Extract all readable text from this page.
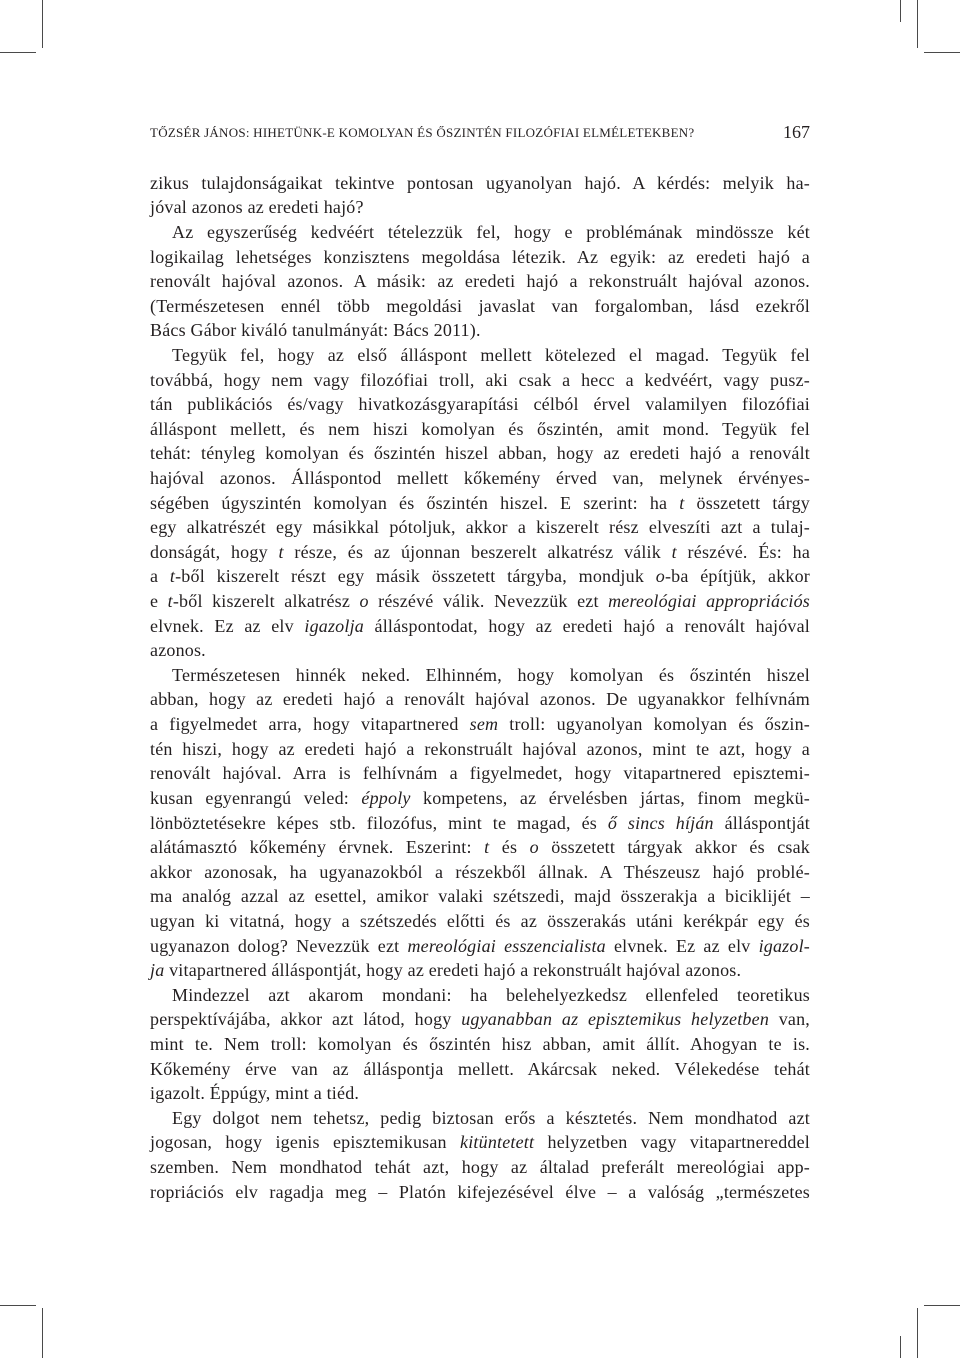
TŐZSÉR JÁNOS: HIHETÜNK-E KOMOLYAN ÉS ŐSZINTÉN FILOZÓFIAI ELMÉLETEKBEN?	167
zikus tulajdonságaikat tekintve pontosan ugyanolyan hajó. A kérdés: melyik ha-
jóval azonos az eredeti hajó?
Az egyszerűség kedvéért tételezzük fel, hogy e problémának mindössze két
logikailag lehetséges konzisztens megoldása létezik. Az egyik: az eredeti hajó a
renovált hajóval azonos. A másik: az eredeti hajó a rekonstruált hajóval azonos.
(Természetesen ennél több megoldási javaslat van forgalomban, lásd ezekről
Bács Gábor kiváló tanulmányát: Bács 2011).
Tegyük fel, hogy az első álláspont mellett kötelezed el magad. Tegyük fel
továbbá, hogy nem vagy filozófiai troll, aki csak a hecc a kedvéért, vagy pusz-
tán publikációs és/vagy hivatkozásgyarapítási célból érvel valamilyen filozófiai
álláspont mellett, és nem hiszi komolyan és őszintén, amit mond. Tegyük fel
tehát: tényleg komolyan és őszintén hiszel abban, hogy az eredeti hajó a renovált
hajóval azonos. Álláspontod mellett kőkemény érved van, melynek érvényes-
ségében úgyszintén komolyan és őszintén hiszel. E szerint: ha t összetett tárgy
egy alkatrészét egy másikkal pótoljuk, akkor a kiszerelt rész elveszíti azt a tulaj-
donságát, hogy t része, és az újonnan beszerelt alkatrész válik t részévé. És: ha
a t-ből kiszerelt részt egy másik összetett tárgyba, mondjuk o-ba építjük, akkor
e t-ből kiszerelt alkatrész o részévé válik. Nevezzük ezt mereológiai appropriációs
elvnek. Ez az elv igazolja álláspontodat, hogy az eredeti hajó a renovált hajóval
azonos.
Természetesen hinnék neked. Elhinném, hogy komolyan és őszintén hiszel
abban, hogy az eredeti hajó a renovált hajóval azonos. De ugyanakkor felhívnám
a figyelmedet arra, hogy vitapartnered sem troll: ugyanolyan komolyan és őszin-
tén hiszi, hogy az eredeti hajó a rekonstruált hajóval azonos, mint te azt, hogy a
renovált hajóval. Arra is felhívnám a figyelmedet, hogy vitapartnered episztemi-
kusan egyenrangú veled: éppoly kompetens, az érvelésben jártas, finom megkü-
lönböztetésekre képes stb. filozófus, mint te magad, és ő sincs híján álláspontját
alátámasztó kőkemény érvnek. Eszerint: t és o összetett tárgyak akkor és csak
akkor azonosak, ha ugyanazokból a részekből állnak. A Thészeusz hajó problé-
ma analóg azzal az esettel, amikor valaki szétszedi, majd összerakja a biciklijét –
ugyan ki vitatná, hogy a szétszedés előtti és az összerakás utáni kerékpár egy és
ugyanazon dolog? Nevezzük ezt mereológiai esszencialista elvnek. Ez az elv igazol-
ja vitapartnered álláspontját, hogy az eredeti hajó a rekonstruált hajóval azonos.
Mindezzel azt akarom mondani: ha belehelyezkedsz ellenfeled teoretikus
perspektívájába, akkor azt látod, hogy ugyanabban az episztemikus helyzetben van,
mint te. Nem troll: komolyan és őszintén hisz abban, amit állít. Ahogyan te is.
Kőkemény érve van az álláspontja mellett. Akárcsak neked. Vélekedése tehát
igazolt. Éppúgy, mint a tiéd.
Egy dolgot nem tehetsz, pedig biztosan erős a késztetés. Nem mondhatod azt
jogosan, hogy igenis episztemikusan kitüntetett helyzetben vagy vitapartnereddel
szemben. Nem mondhatod tehát azt, hogy az általad preferált mereológiai app-
ropriációs elv ragadja meg – Platón kifejezésével élve – a valóság „természetes
